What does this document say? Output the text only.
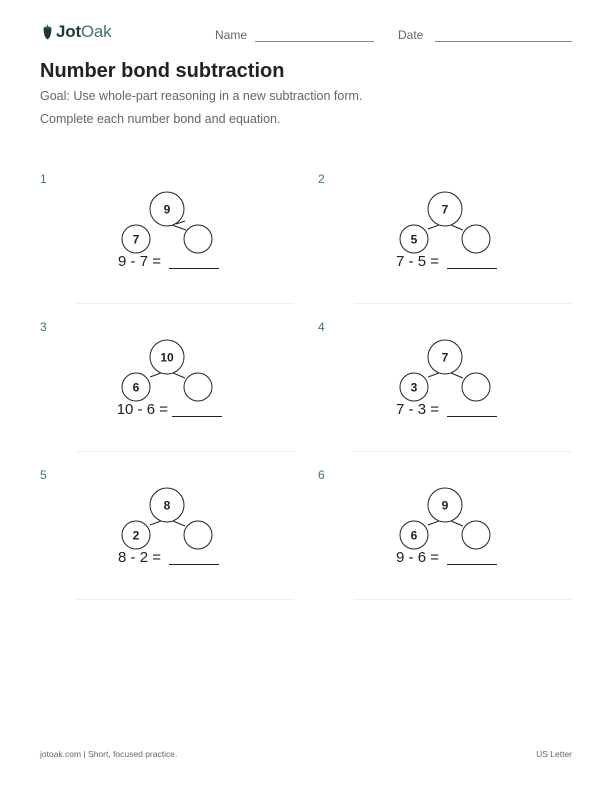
JotOak	Name	Date
Number bond subtraction
Goal: Use whole-part reasoning in a new subtraction form.
Complete each number bond and equation.
1
9
7
9 - 7 =
2
7
5
7 - 5 =
3
10
6
10 - 6 =
4
7
3
7 - 3 =
5
8
2
8 - 2 =
6
9
6
9 - 6 =
jotoak.com | Short, focused practice.	US Letter
